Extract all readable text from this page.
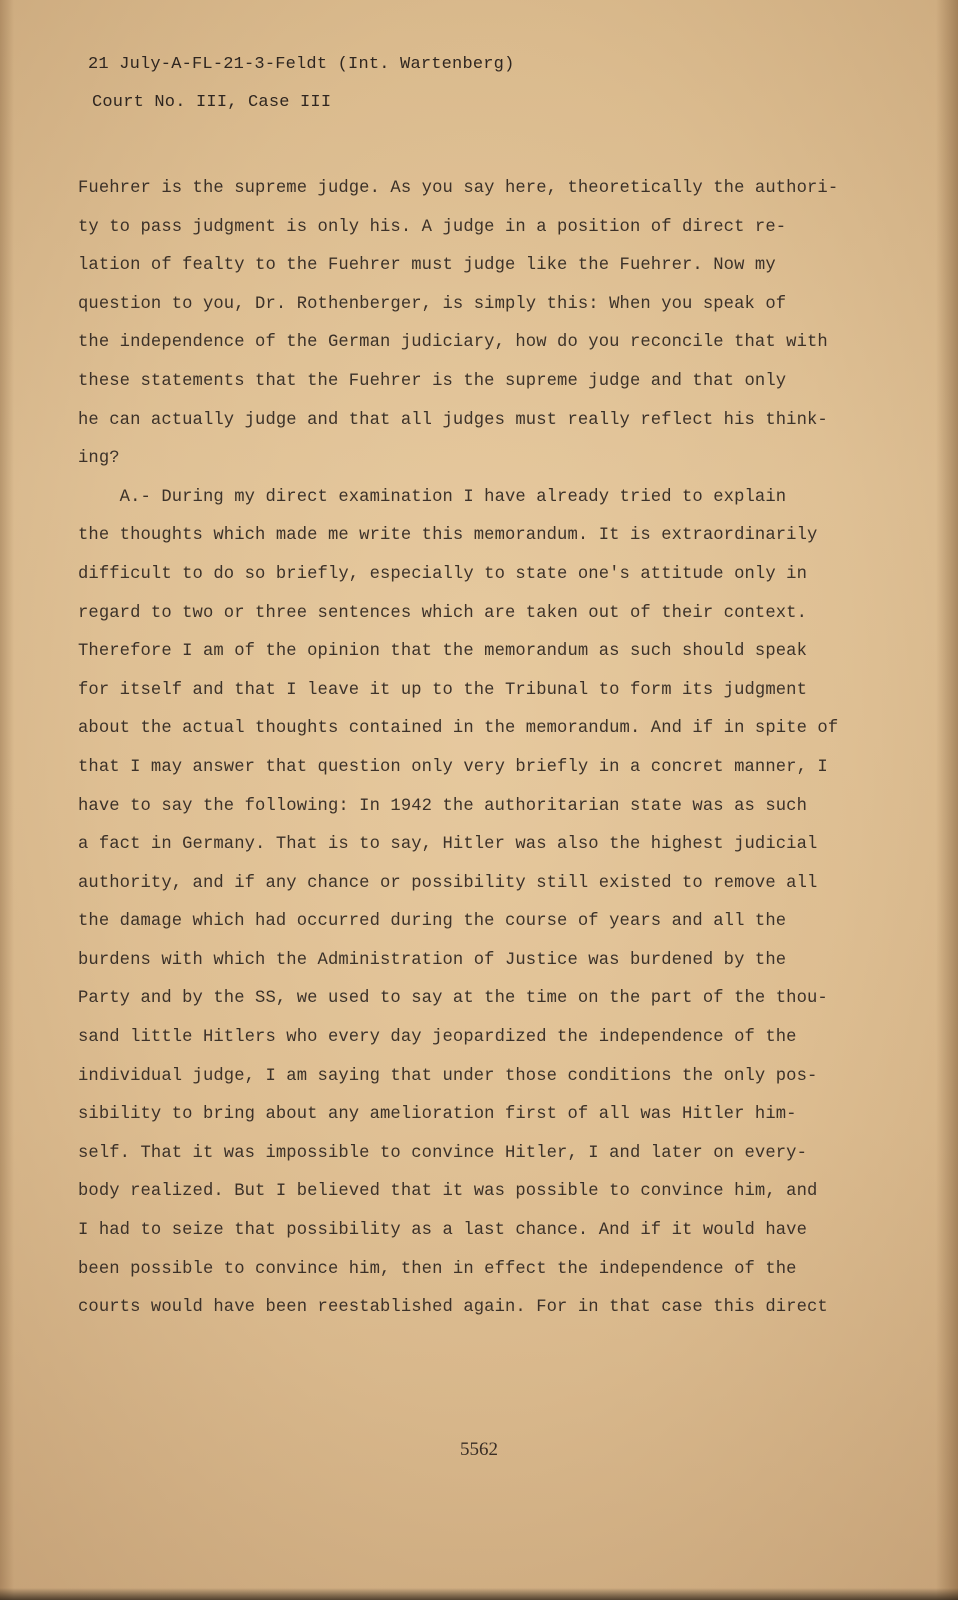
21 July-A-FL-21-3-Feldt (Int. Wartenberg)
Court No. III, Case III
Fuehrer is the supreme judge. As you say here, theoretically the authori-
ty to pass judgment is only his. A judge in a position of direct re-
lation of fealty to the Fuehrer must judge like the Fuehrer. Now my
question to you, Dr. Rothenberger, is simply this: When you speak of
the independence of the German judiciary, how do you reconcile that with
these statements that the Fuehrer is the supreme judge and that only
he can actually judge and that all judges must really reflect his think-
ing?
A.- During my direct examination I have already tried to explain
the thoughts which made me write this memorandum. It is extraordinarily
difficult to do so briefly, especially to state one's attitude only in
regard to two or three sentences which are taken out of their context.
Therefore I am of the opinion that the memorandum as such should speak
for itself and that I leave it up to the Tribunal to form its judgment
about the actual thoughts contained in the memorandum. And if in spite of
that I may answer that question only very briefly in a concret manner, I
have to say the following: In 1942 the authoritarian state was as such
a fact in Germany. That is to say, Hitler was also the highest judicial
authority, and if any chance or possibility still existed to remove all
the damage which had occurred during the course of years and all the
burdens with which the Administration of Justice was burdened by the
Party and by the SS, we used to say at the time on the part of the thou-
sand little Hitlers who every day jeopardized the independence of the
individual judge, I am saying that under those conditions the only pos-
sibility to bring about any amelioration first of all was Hitler him-
self. That it was impossible to convince Hitler, I and later on every-
body realized. But I believed that it was possible to convince him, and
I had to seize that possibility as a last chance. And if it would have
been possible to convince him, then in effect the independence of the
courts would have been reestablished again. For in that case this direct
5562
